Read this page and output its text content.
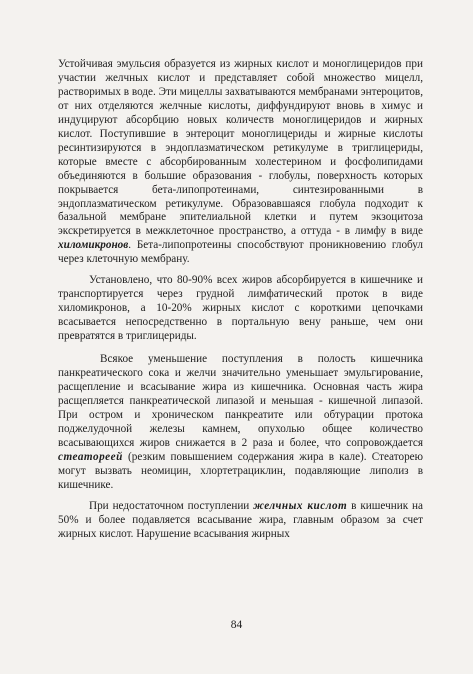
Устойчивая эмульсия образуется из жирных кислот и моноглицеридов при участии желчных кислот и представляет собой множество мицелл, растворимых в воде. Эти мицеллы захватываются мембранами энтероцитов, от них отделяются желчные кислоты, диффундируют вновь в химус и индуцируют абсорбцию новых количеств моноглицеридов и жирных кислот. Поступившие в энтероцит моноглицериды и жирные кислоты ресинтизируются в эндоплазматическом ретикулуме в триглицериды, которые вместе с абсорбированным холестерином и фосфолипидами объединяются в большие образования - глобулы, поверхность которых покрывается бета-липопротеинами, синтезированными в эндоплазматическом ретикулуме. Образовавшаяся глобула подходит к базальной мембране эпителиальной клетки и путем экзоцитоза экскретируется в межклеточное пространство, а оттуда - в лимфу в виде хиломикронов. Бета-липопротеины способствуют проникновению глобул через клеточную мембрану.

Установлено, что 80-90% всех жиров абсорбируется в кишечнике и транспортируется через грудной лимфатический проток в виде хиломикронов, а 10-20% жирных кислот с короткими цепочками всасывается непосредственно в портальную вену раньше, чем они превратятся в триглицериды.

Всякое уменьшение поступления в полость кишечника панкреатического сока и желчи значительно уменьшает эмульгирование, расщепление и всасывание жира из кишечника. Основная часть жира расщепляется панкреатической липазой и меньшая - кишечной липазой. При остром и хроническом панкреатите или обтурации протока поджелудочной железы камнем, опухолью общее количество всасывающихся жиров снижается в 2 раза и более, что сопровождается стеатореей (резким повышением содержания жира в кале). Стеаторею могут вызвать неомицин, хлортетрациклин, подавляющие липолиз в кишечнике.

При недостаточном поступлении желчных кислот в кишечник на 50% и более подавляется всасывание жира, главным образом за счет жирных кислот. Нарушение всасывания жирных

84
